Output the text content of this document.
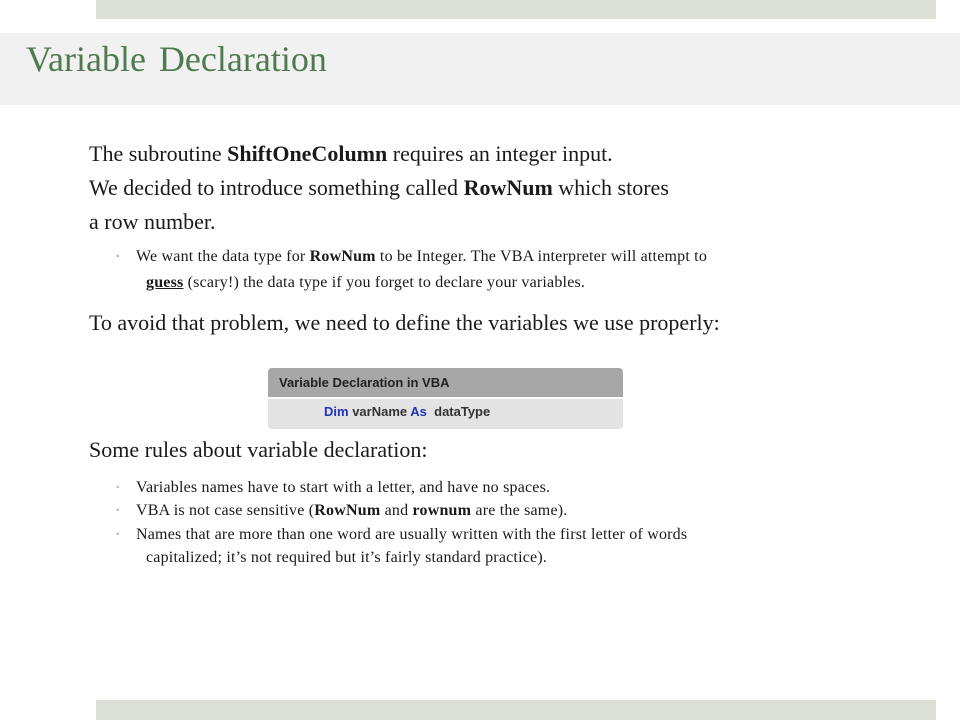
Variable Declaration

The subroutine ShiftOneColumn requires an integer input.

We decided to introduce something called RowNum which stores

a row number.

◦ We want the data type for RowNum to be Integer. The VBA interpreter will attempt to

guess (scary!) the data type if you forget to declare your variables.

To avoid that problem, we need to define the variables we use properly:

Variable Declaration in VBA
Dim varName As dataType

Some rules about variable declaration:

◦ Variables names have to start with a letter, and have no spaces.

◦ VBA is not case sensitive (RowNum and rownum are the same).

◦ Names that are more than one word are usually written with the first letter of words

capitalized; it’s not required but it’s fairly standard practice).
